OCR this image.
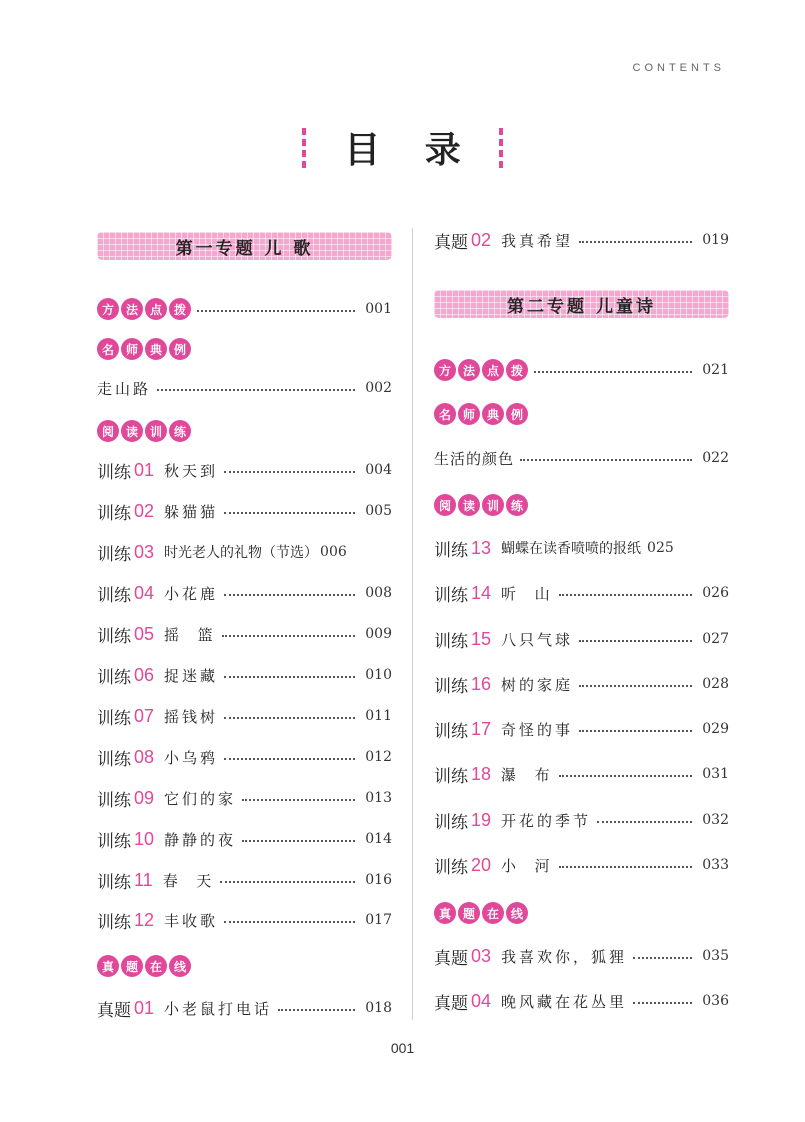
CONTENTS
目 录
第一专题 儿 歌
方 法 点 拨	001
名 师 典 例
走山路	002
阅 读 训 练
训练 01 秋天到	004
训练 02 躲猫猫	005
训练 03 时光老人的礼物（节选） 006
训练 04 小花鹿	008
训练 05 摇  篮	009
训练 06 捉迷藏	010
训练 07 摇钱树	011
训练 08 小乌鸦	012
训练 09 它们的家	013
训练 10 静静的夜	014
训练 11 春  天	016
训练 12 丰收歌	017
真 题 在 线
真题 01 小老鼠打电话	018
真题 02 我真希望	019
第二专题 儿童诗
方 法 点 拨	021
名 师 典 例
生活的颜色	022
阅 读 训 练
训练 13 蝴蝶在读香喷喷的报纸 025
训练 14 听  山	026
训练 15 八只气球	027
训练 16 树的家庭	028
训练 17 奇怪的事	029
训练 18 瀑  布	031
训练 19 开花的季节	032
训练 20 小  河	033
真 题 在 线
真题 03 我喜欢你，狐狸	035
真题 04 晚风藏在花丛里	036
001
